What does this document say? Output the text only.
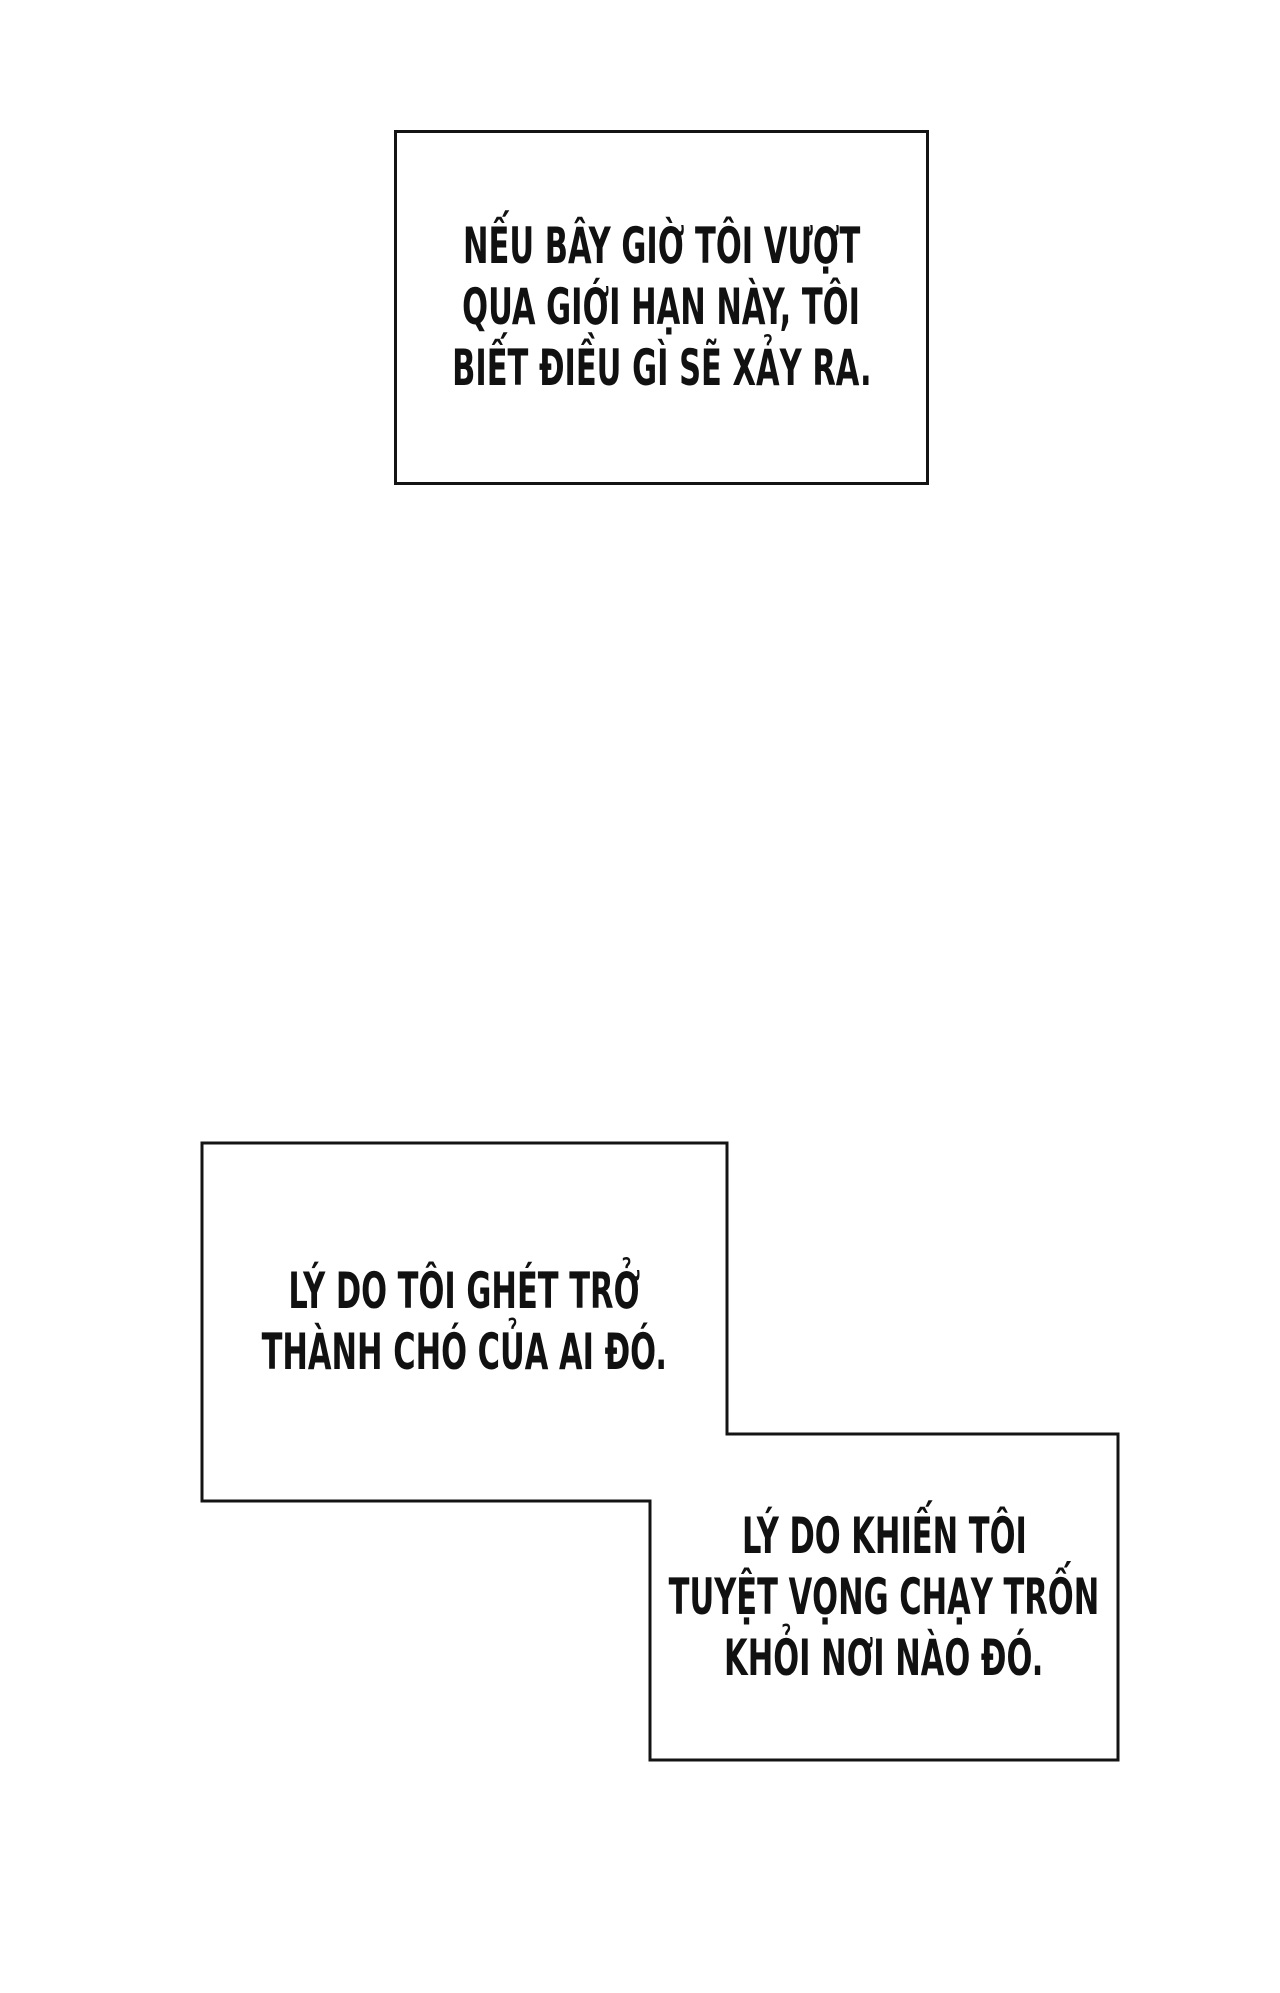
NẾU BÂY GIỜ TÔI VƯỢT

QUA GIỚI HẠN NÀY, TÔI

BIẾT ĐIỀU GÌ SẼ XẢY RA.

LÝ DO TÔI GHÉT TRỞ

THÀNH CHÓ CỦA AI ĐÓ.

LÝ DO KHIẾN TÔI

TUYỆT VỌNG CHẠY TRỐN

KHỎI NƠI NÀO ĐÓ.
